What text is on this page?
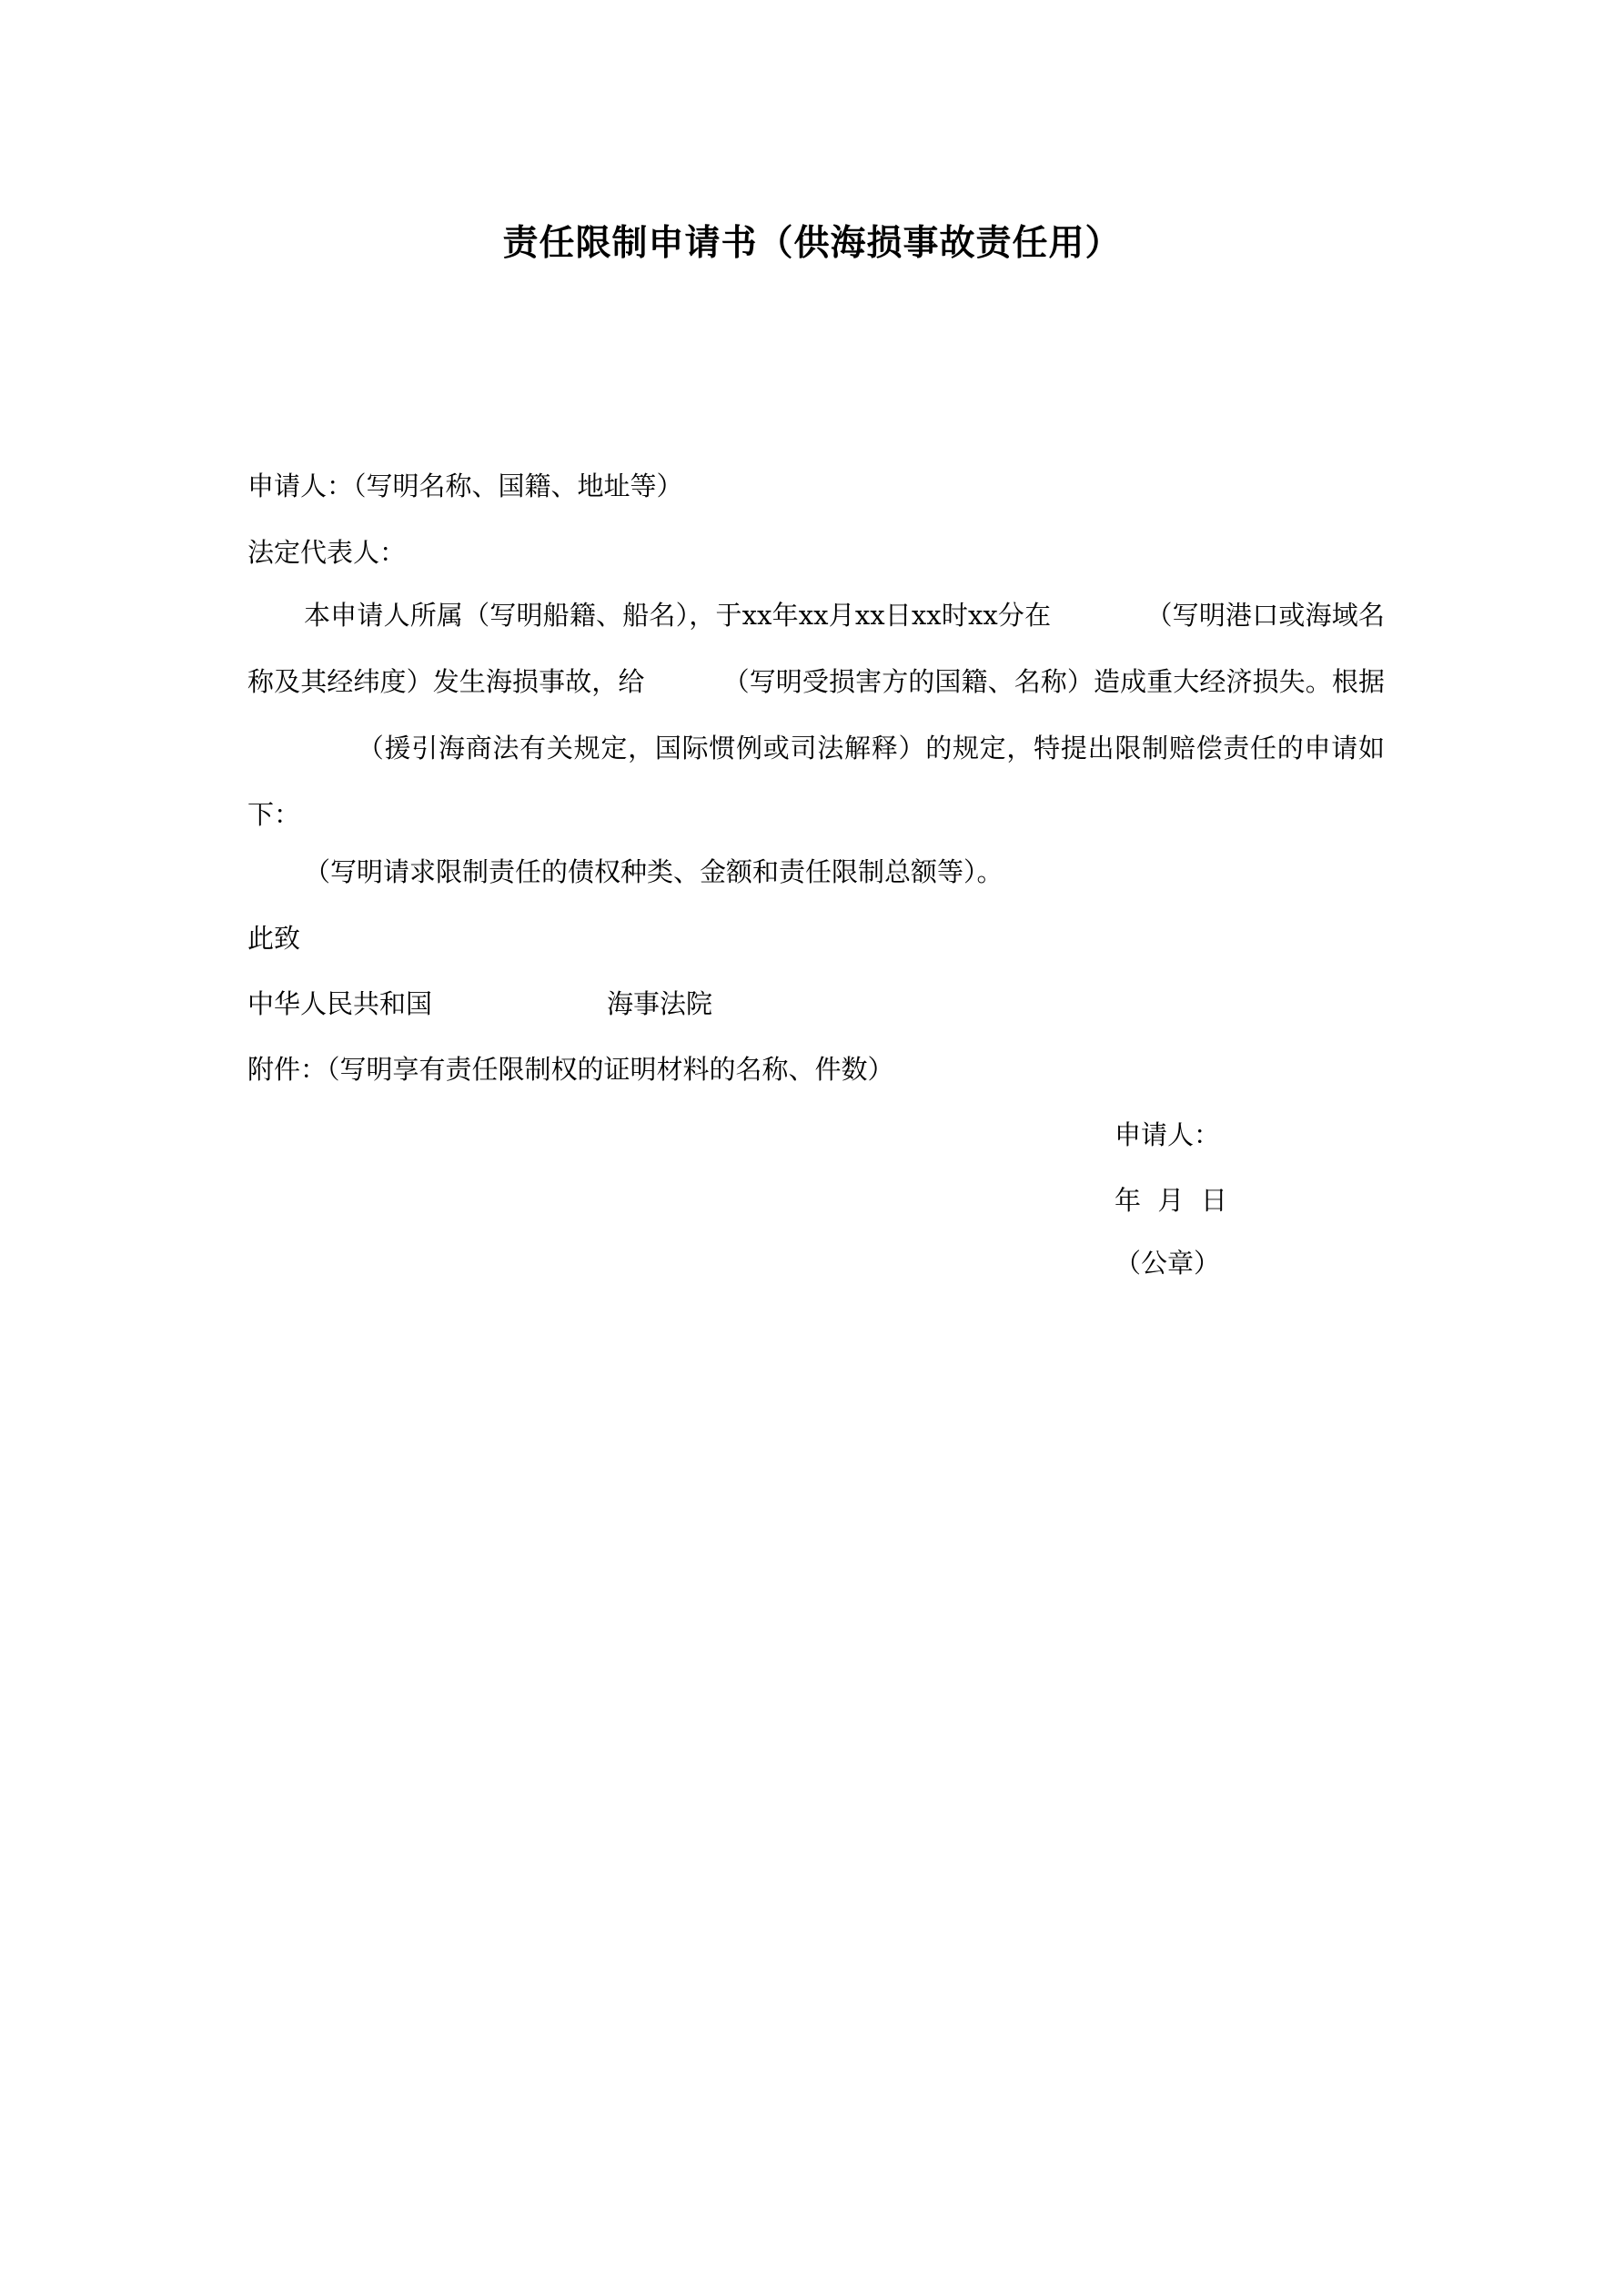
责任限制申请书（供海损事故责任用）
申请人：（写明名称、国籍、地址等）
法定代表人：
本申请人所属（写明船籍、船名），于xx年xx月xx日xx时xx分在	（写明港口或海域名称及其经纬度）发生海损事故，给	（写明受损害方的国籍、名称）造成重大经济损失。根据（援引海商法有关规定，国际惯例或司法解释）的规定，特提出限制赔偿责任的申请如下：
（写明请求限制责任的债权种类、金额和责任限制总额等）。
此致
中华人民共和国	海事法院
附件：（写明享有责任限制权的证明材料的名称、件数）
申请人：
年  月  日
（公章）
